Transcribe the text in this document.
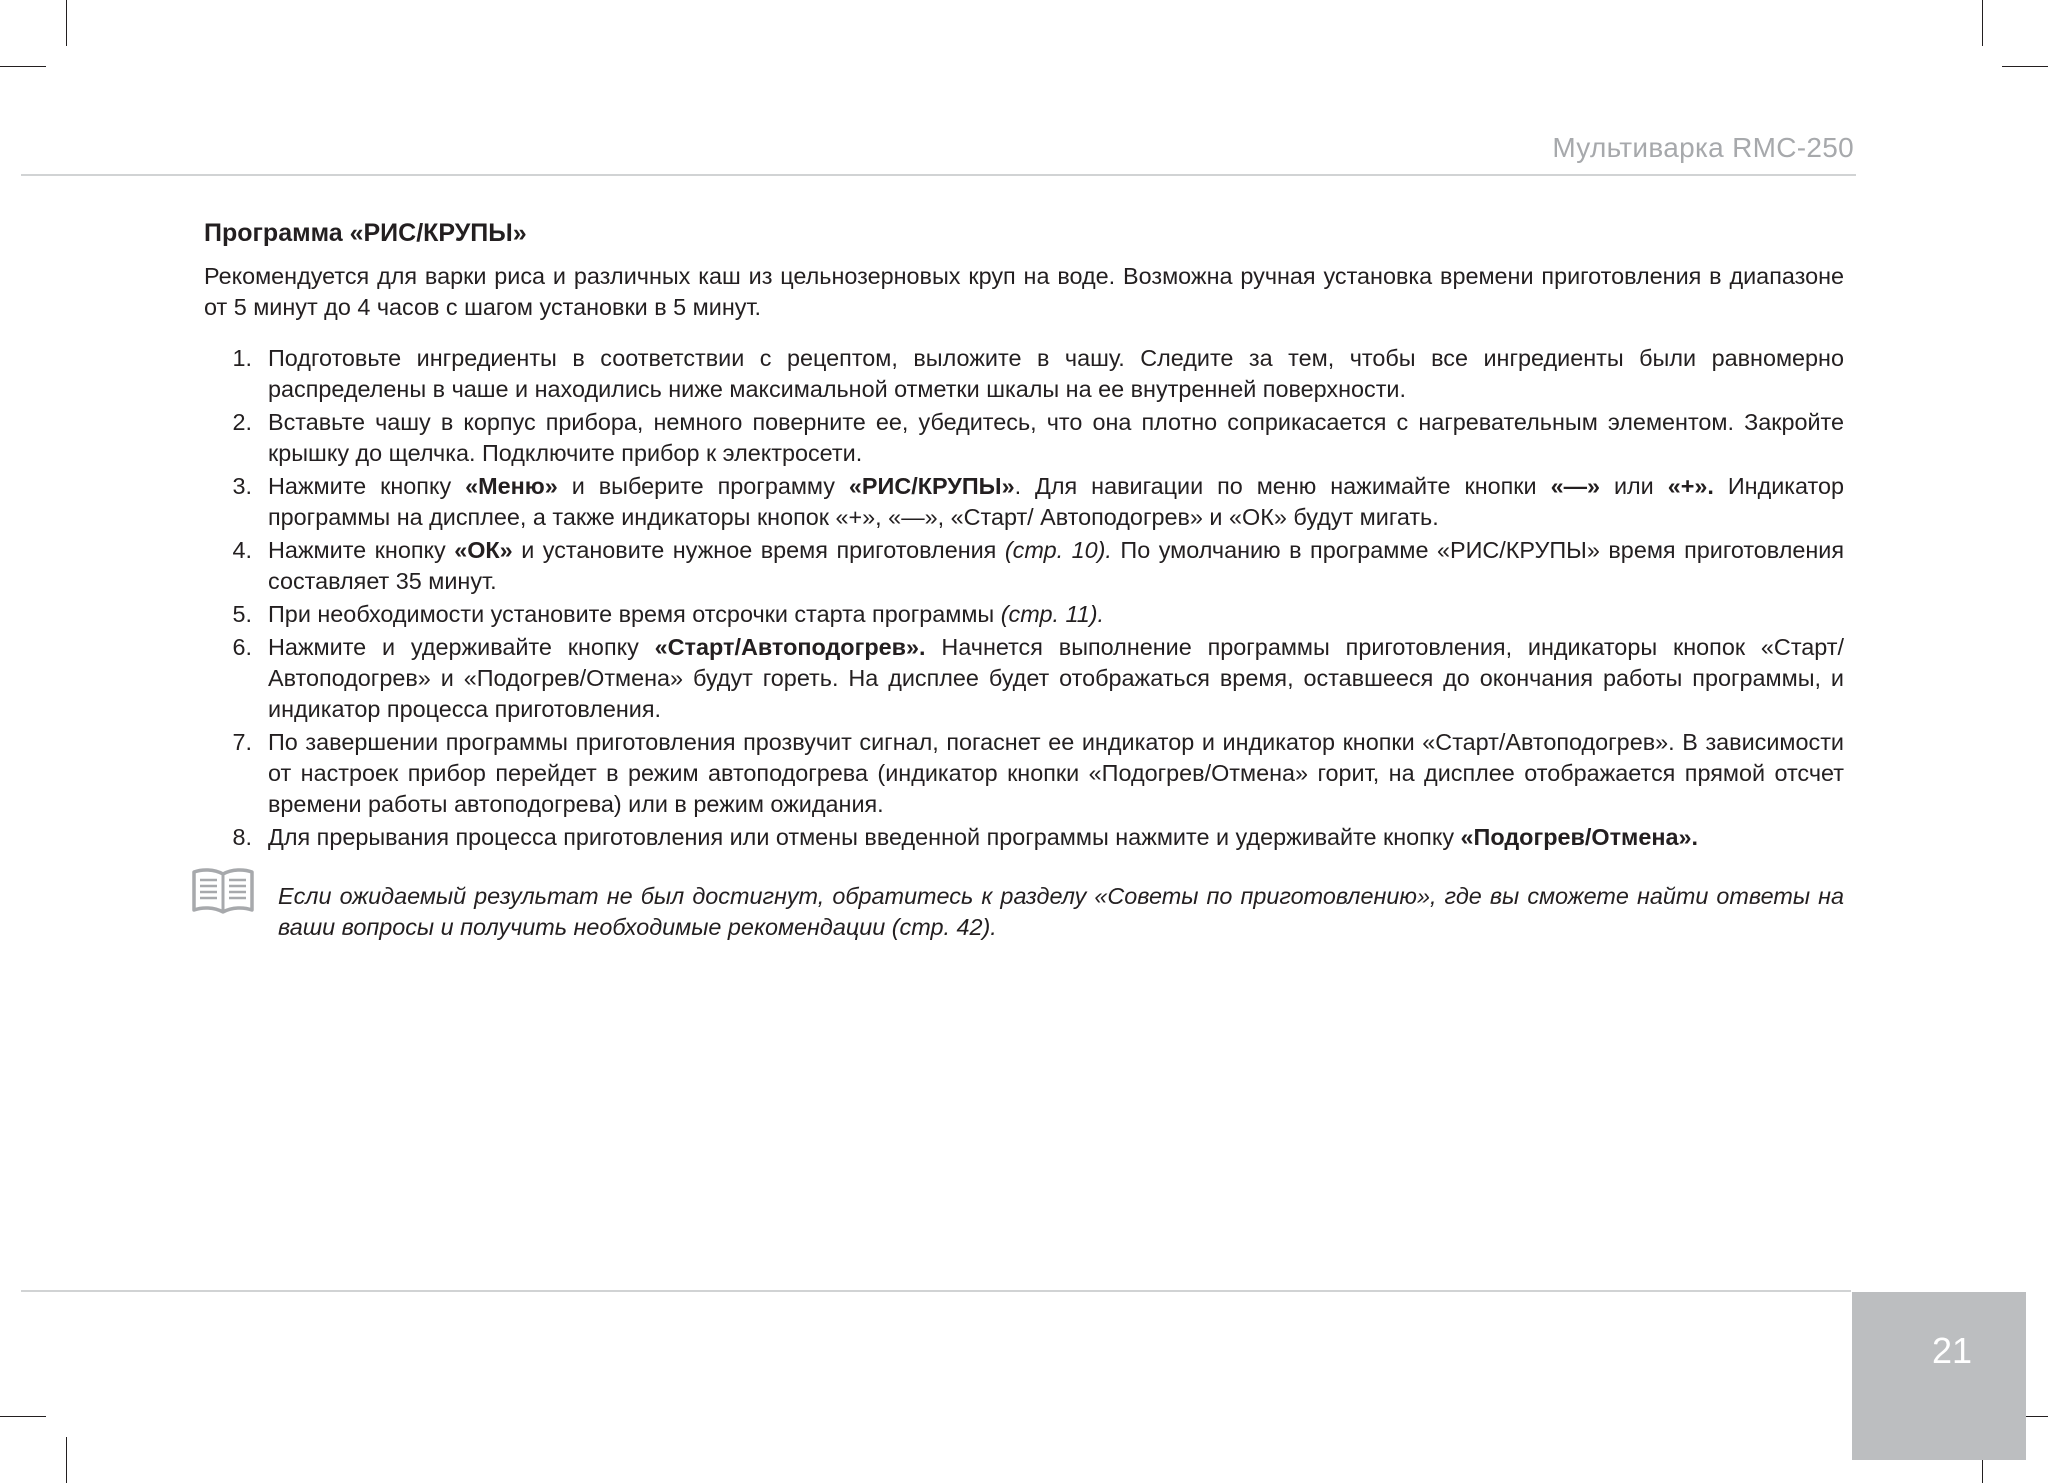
Мультиварка RMC-250
Программа «РИС/КРУПЫ»

Рекомендуется для варки риса и различных каш из цельнозерновых круп на воде. Возможна ручная установка времени приготовления в диапазоне от 5 минут до 4 часов с шагом установки в 5 минут.

1. Подготовьте ингредиенты в соответствии с рецептом, выложите в чашу. Следите за тем, чтобы все ингредиенты были равномерно распределены в чаше и находились ниже максимальной отметки шкалы на ее внутренней поверхности.
2. Вставьте чашу в корпус прибора, немного поверните ее, убедитесь, что она плотно соприкасается с нагревательным элементом. Закройте крышку до щелчка. Подключите прибор к электросети.
3. Нажмите кнопку «Меню» и выберите программу «РИС/КРУПЫ». Для навигации по меню нажимайте кнопки «—» или «+». Индикатор программы на дисплее, а также индикаторы кнопок «+», «—», «Старт/ Автоподогрев» и «ОК» будут мигать.
4. Нажмите кнопку «ОК» и установите нужное время приготовления (стр. 10). По умолчанию в программе «РИС/КРУПЫ» время приготовления составляет 35 минут.
5. При необходимости установите время отсрочки старта программы (стр. 11).
6. Нажмите и удерживайте кнопку «Старт/Автоподогрев». Начнется выполнение программы приготовления, индикаторы кнопок «Старт/ Автоподогрев» и «Подогрев/Отмена» будут гореть. На дисплее будет отображаться время, оставшееся до окончания работы программы, и индикатор процесса приготовления.
7. По завершении программы приготовления прозвучит сигнал, погаснет ее индикатор и индикатор кнопки «Старт/Автоподогрев». В зависимости от настроек прибор перейдет в режим автоподогрева (индикатор кнопки «Подогрев/Отмена» горит, на дисплее отображается прямой отсчет времени работы автоподогрева) или в режим ожидания.
8. Для прерывания процесса приготовления или отмены введенной программы нажмите и удерживайте кнопку «Подогрев/Отмена».

Если ожидаемый результат не был достигнут, обратитесь к разделу «Советы по приготовлению», где вы сможете найти ответы на ваши вопросы и получить необходимые рекомендации (стр. 42).

21
